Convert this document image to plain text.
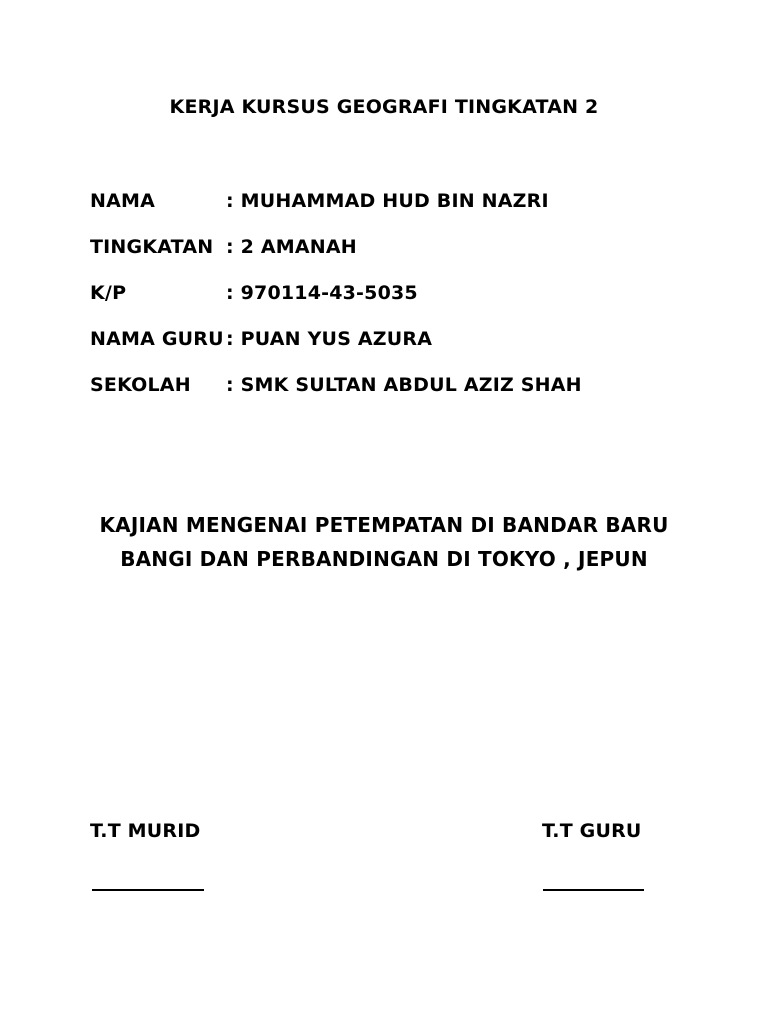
KERJA KURSUS GEOGRAFI TINGKATAN 2
NAMA	: MUHAMMAD HUD BIN NAZRI
TINGKATAN : 2 AMANAH
K/P	: 970114-43-5035
NAMA GURU : PUAN YUS AZURA
SEKOLAH : SMK SULTAN ABDUL AZIZ SHAH
KAJIAN MENGENAI PETEMPATAN DI BANDAR BARU
BANGI DAN PERBANDINGAN DI TOKYO , JEPUN
T.T MURID	T.T GURU
